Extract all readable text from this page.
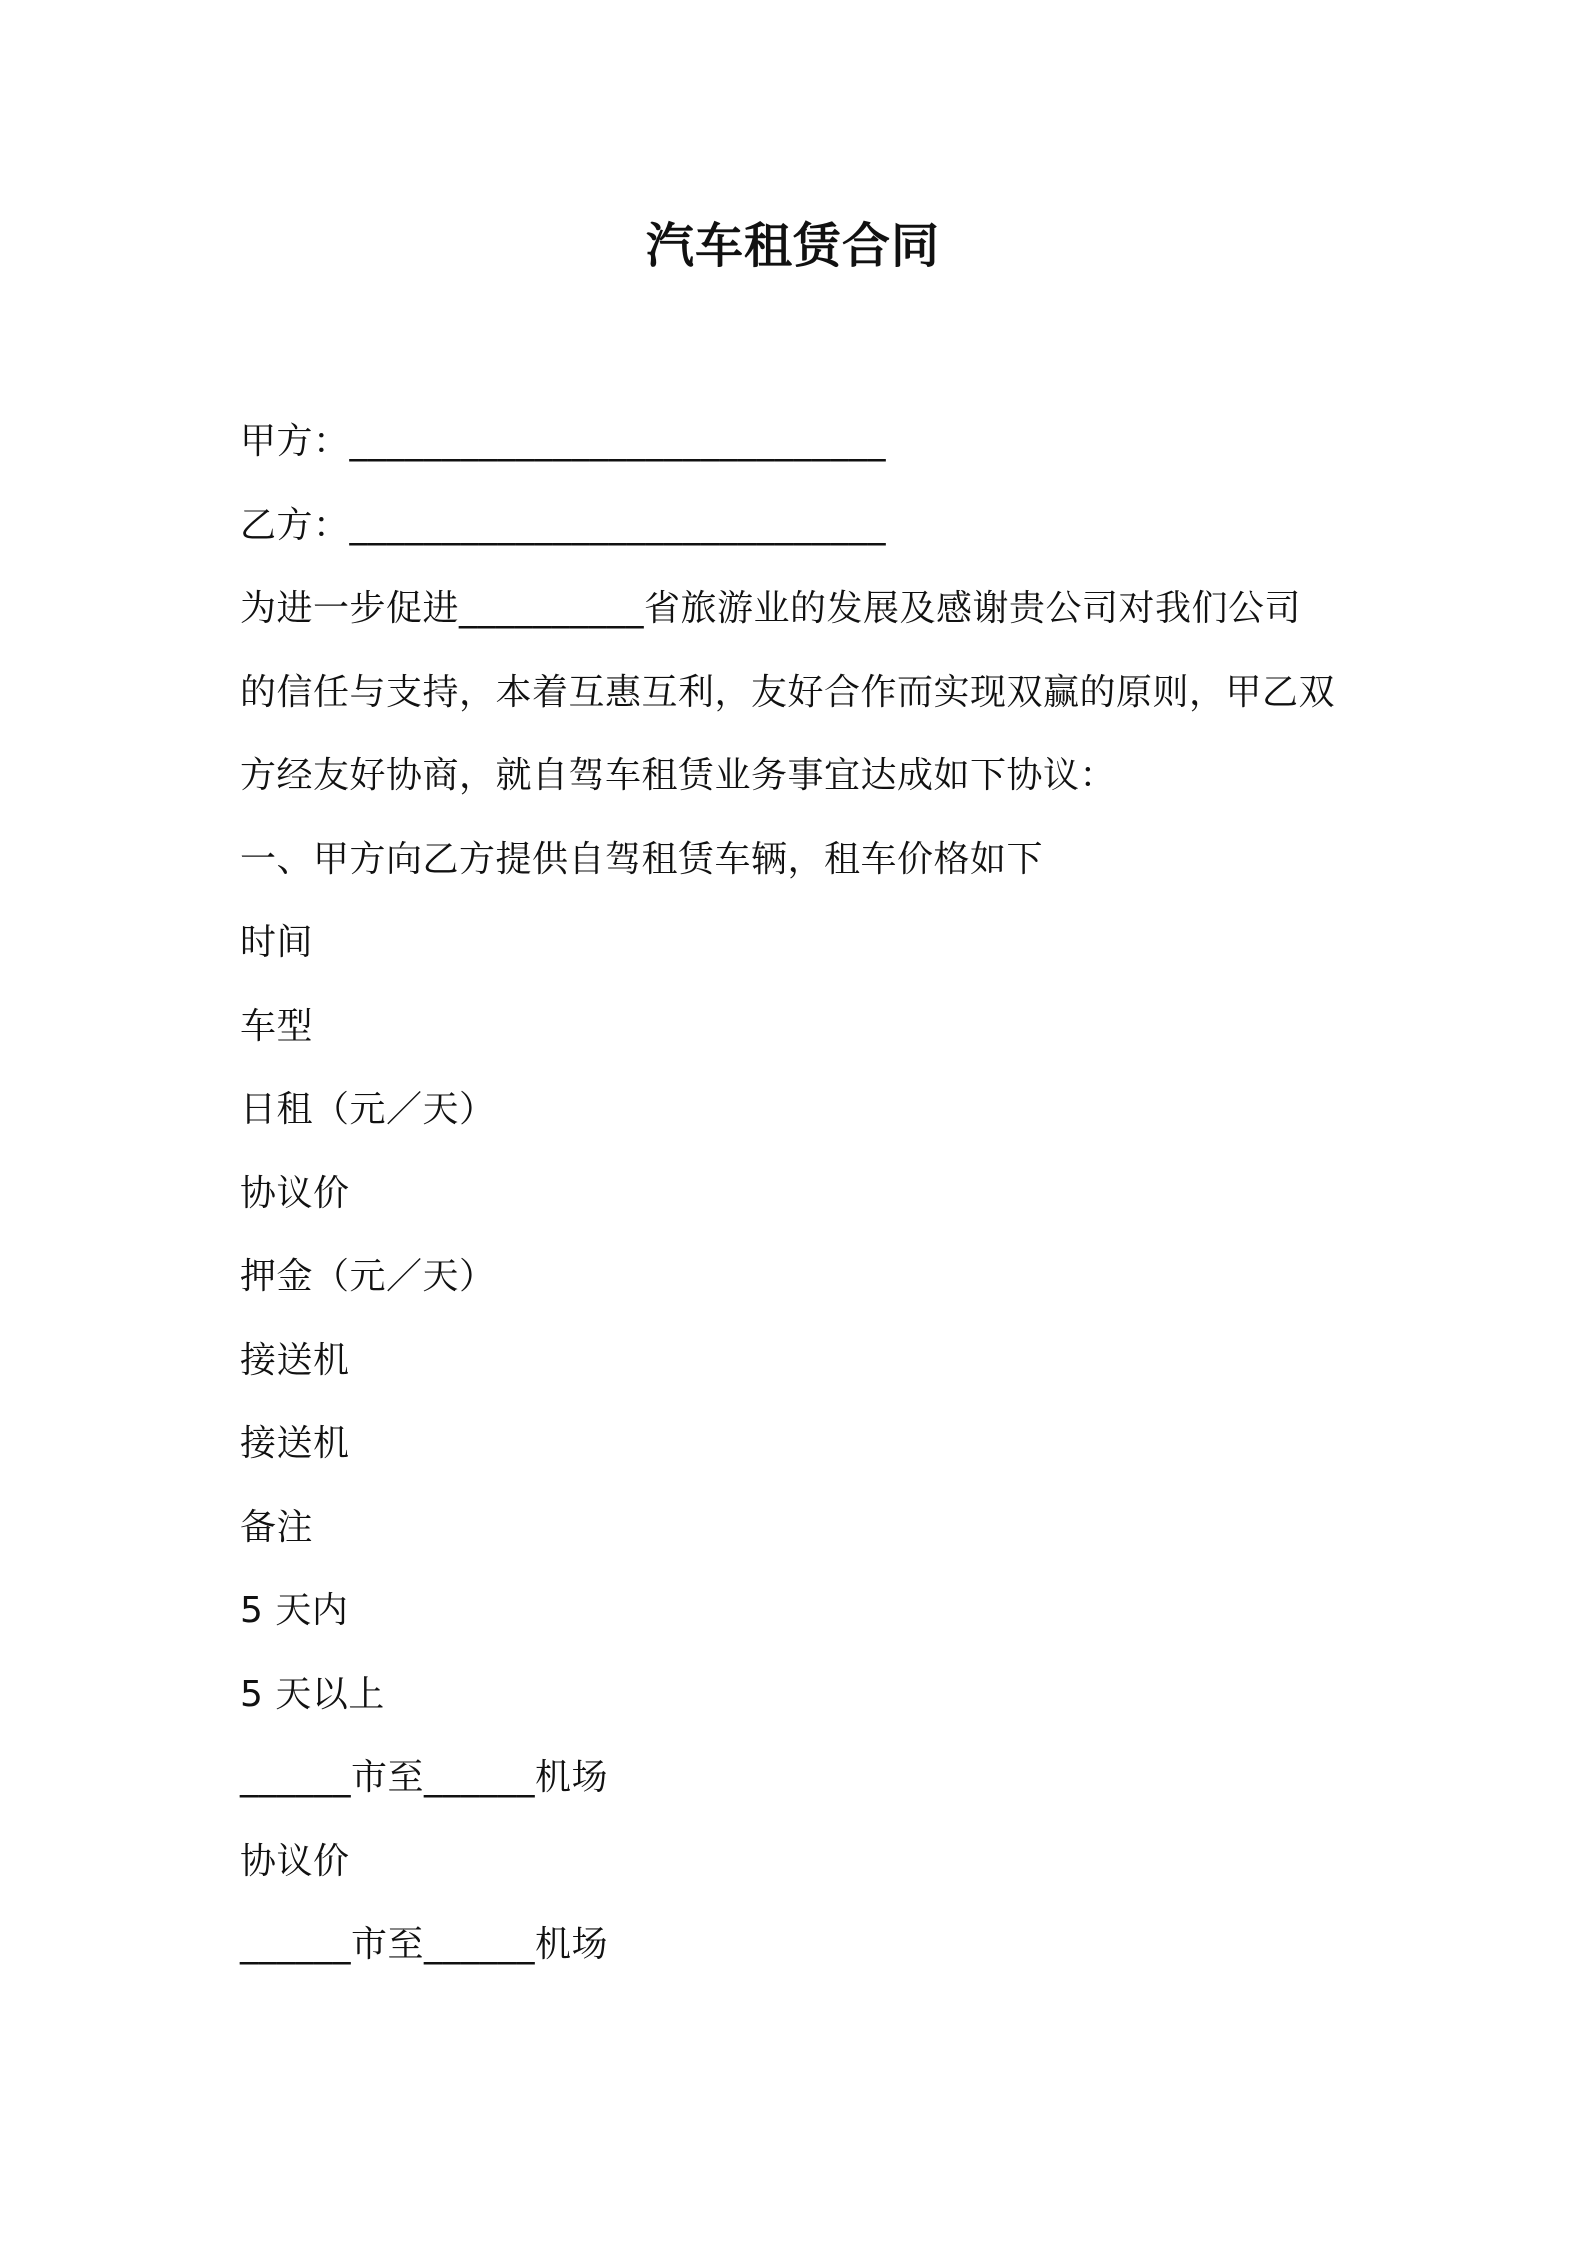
汽车租赁合同
甲方：_____________________________
乙方：_____________________________
为进一步促进__________省旅游业的发展及感谢贵公司对我们公司
的信任与支持，本着互惠互利，友好合作而实现双赢的原则，甲乙双
方经友好协商，就自驾车租赁业务事宜达成如下协议：
一、甲方向乙方提供自驾租赁车辆，租车价格如下
时间
车型
日租（元／天）
协议价
押金（元／天）
接送机
接送机
备注
5 天内
5 天以上
______市至______机场
协议价
______市至______机场
